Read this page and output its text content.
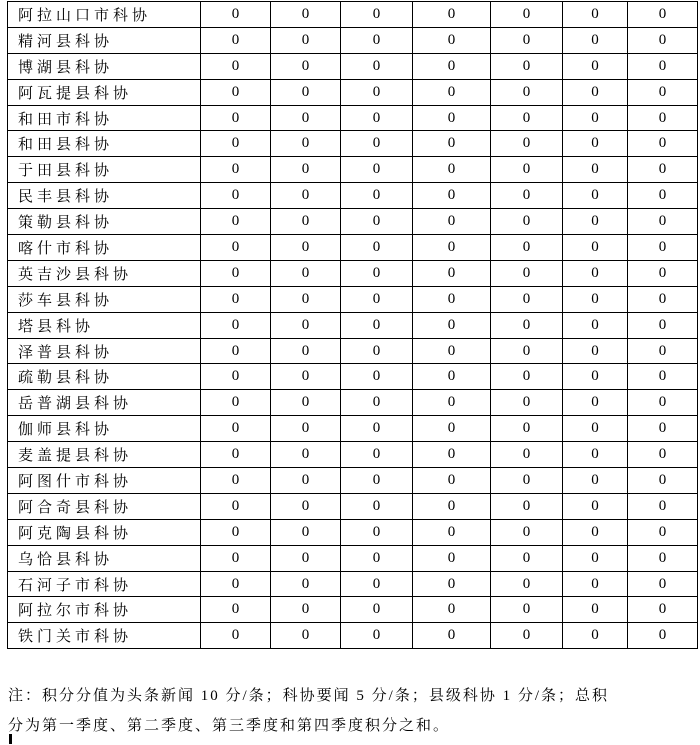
阿拉山口市科协	0	0	0	0	0	0	0
精河县科协	0	0	0	0	0	0	0
博湖县科协	0	0	0	0	0	0	0
阿瓦提县科协	0	0	0	0	0	0	0
和田市科协	0	0	0	0	0	0	0
和田县科协	0	0	0	0	0	0	0
于田县科协	0	0	0	0	0	0	0
民丰县科协	0	0	0	0	0	0	0
策勒县科协	0	0	0	0	0	0	0
喀什市科协	0	0	0	0	0	0	0
英吉沙县科协	0	0	0	0	0	0	0
莎车县科协	0	0	0	0	0	0	0
塔县科协	0	0	0	0	0	0	0
泽普县科协	0	0	0	0	0	0	0
疏勒县科协	0	0	0	0	0	0	0
岳普湖县科协	0	0	0	0	0	0	0
伽师县科协	0	0	0	0	0	0	0
麦盖提县科协	0	0	0	0	0	0	0
阿图什市科协	0	0	0	0	0	0	0
阿合奇县科协	0	0	0	0	0	0	0
阿克陶县科协	0	0	0	0	0	0	0
乌恰县科协	0	0	0	0	0	0	0
石河子市科协	0	0	0	0	0	0	0
阿拉尔市科协	0	0	0	0	0	0	0
铁门关市科协	0	0	0	0	0	0	0
注：积分分值为头条新闻 10 分/条；科协要闻 5 分/条；县级科协 1 分/条；总积
分为第一季度、第二季度、第三季度和第四季度积分之和。
